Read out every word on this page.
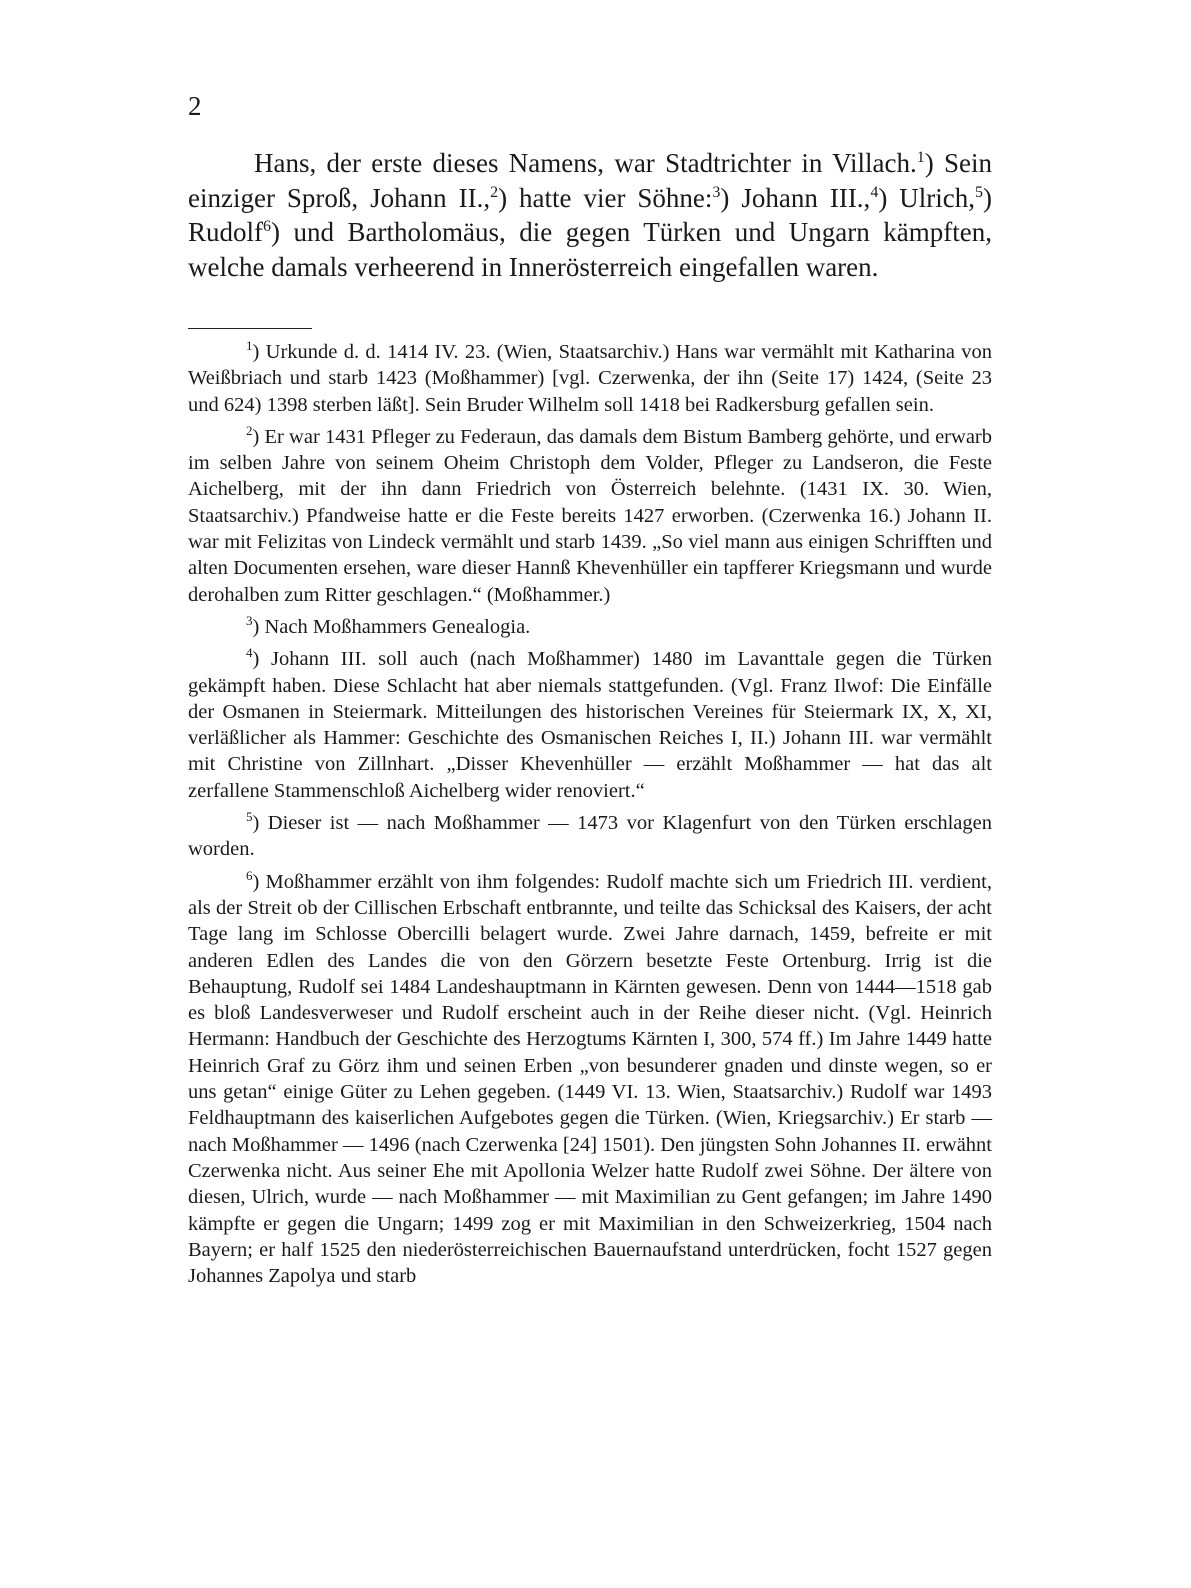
2

Hans, der erste dieses Namens, war Stadtrichter in Villach.$^1$) Sein einziger Sproß, Johann II.,$^2$) hatte vier Söhne:$^3$) Johann III.,$^4$) Ulrich,$^5$) Rudolf$^6$) und Bartholomäus, die gegen Türken und Ungarn kämpften, welche damals verheerend in Innerösterreich eingefallen waren.

$^1$) Urkunde d. d. 1414 IV. 23. (Wien, Staatsarchiv.) Hans war vermählt mit Katharina von Weißbriach und starb 1423 (Moßhammer) [vgl. Czerwenka, der ihn (Seite 17) 1424, (Seite 23 und 624) 1398 sterben läßt]. Sein Bruder Wilhelm soll 1418 bei Radkersburg gefallen sein.

$^2$) Er war 1431 Pfleger zu Federaun, das damals dem Bistum Bamberg gehörte, und erwarb im selben Jahre von seinem Oheim Christoph dem Volder, Pfleger zu Landseron, die Feste Aichelberg, mit der ihn dann Friedrich von Österreich belehnte. (1431 IX. 30. Wien, Staatsarchiv.) Pfandweise hatte er die Feste bereits 1427 erworben. (Czerwenka 16.) Johann II. war mit Felizitas von Lindeck vermählt und starb 1439. „So viel mann aus einigen Schrifften und alten Documenten ersehen, ware dieser Hannß Khevenhüller ein tapfferer Kriegsmann und wurde derohalben zum Ritter geschlagen.“ (Moßhammer.)

$^3$) Nach Moßhammers Genealogia.

$^4$) Johann III. soll auch (nach Moßhammer) 1480 im Lavanttale gegen die Türken gekämpft haben. Diese Schlacht hat aber niemals stattgefunden. (Vgl. Franz Ilwof: Die Einfälle der Osmanen in Steiermark. Mitteilungen des historischen Vereines für Steiermark IX, X, XI, verläßlicher als Hammer: Geschichte des Osmanischen Reiches I, II.) Johann III. war vermählt mit Christine von Zillnhart. „Disser Khevenhüller — erzählt Moßhammer — hat das alt zerfallene Stammenschloß Aichelberg wider renoviert.“

$^5$) Dieser ist — nach Moßhammer — 1473 vor Klagenfurt von den Türken erschlagen worden.

$^6$) Moßhammer erzählt von ihm folgendes: Rudolf machte sich um Friedrich III. verdient, als der Streit ob der Cillischen Erbschaft entbrannte, und teilte das Schicksal des Kaisers, der acht Tage lang im Schlosse Obercilli belagert wurde. Zwei Jahre darnach, 1459, befreite er mit anderen Edlen des Landes die von den Görzern besetzte Feste Ortenburg. Irrig ist die Behauptung, Rudolf sei 1484 Landeshauptmann in Kärnten gewesen. Denn von 1444—1518 gab es bloß Landesverweser und Rudolf erscheint auch in der Reihe dieser nicht. (Vgl. Heinrich Hermann: Handbuch der Geschichte des Herzogtums Kärnten I, 300, 574 ff.) Im Jahre 1449 hatte Heinrich Graf zu Görz ihm und seinen Erben „von besunderer gnaden und dinste wegen, so er uns getan“ einige Güter zu Lehen gegeben. (1449 VI. 13. Wien, Staatsarchiv.) Rudolf war 1493 Feldhauptmann des kaiserlichen Aufgebotes gegen die Türken. (Wien, Kriegsarchiv.) Er starb — nach Moßhammer — 1496 (nach Czerwenka [24] 1501). Den jüngsten Sohn Johannes II. erwähnt Czerwenka nicht. Aus seiner Ehe mit Apollonia Welzer hatte Rudolf zwei Söhne. Der ältere von diesen, Ulrich, wurde — nach Moßhammer — mit Maximilian zu Gent gefangen; im Jahre 1490 kämpfte er gegen die Ungarn; 1499 zog er mit Maximilian in den Schweizerkrieg, 1504 nach Bayern; er half 1525 den niederösterreichischen Bauernaufstand unterdrücken, focht 1527 gegen Johannes Zapolya und starb
